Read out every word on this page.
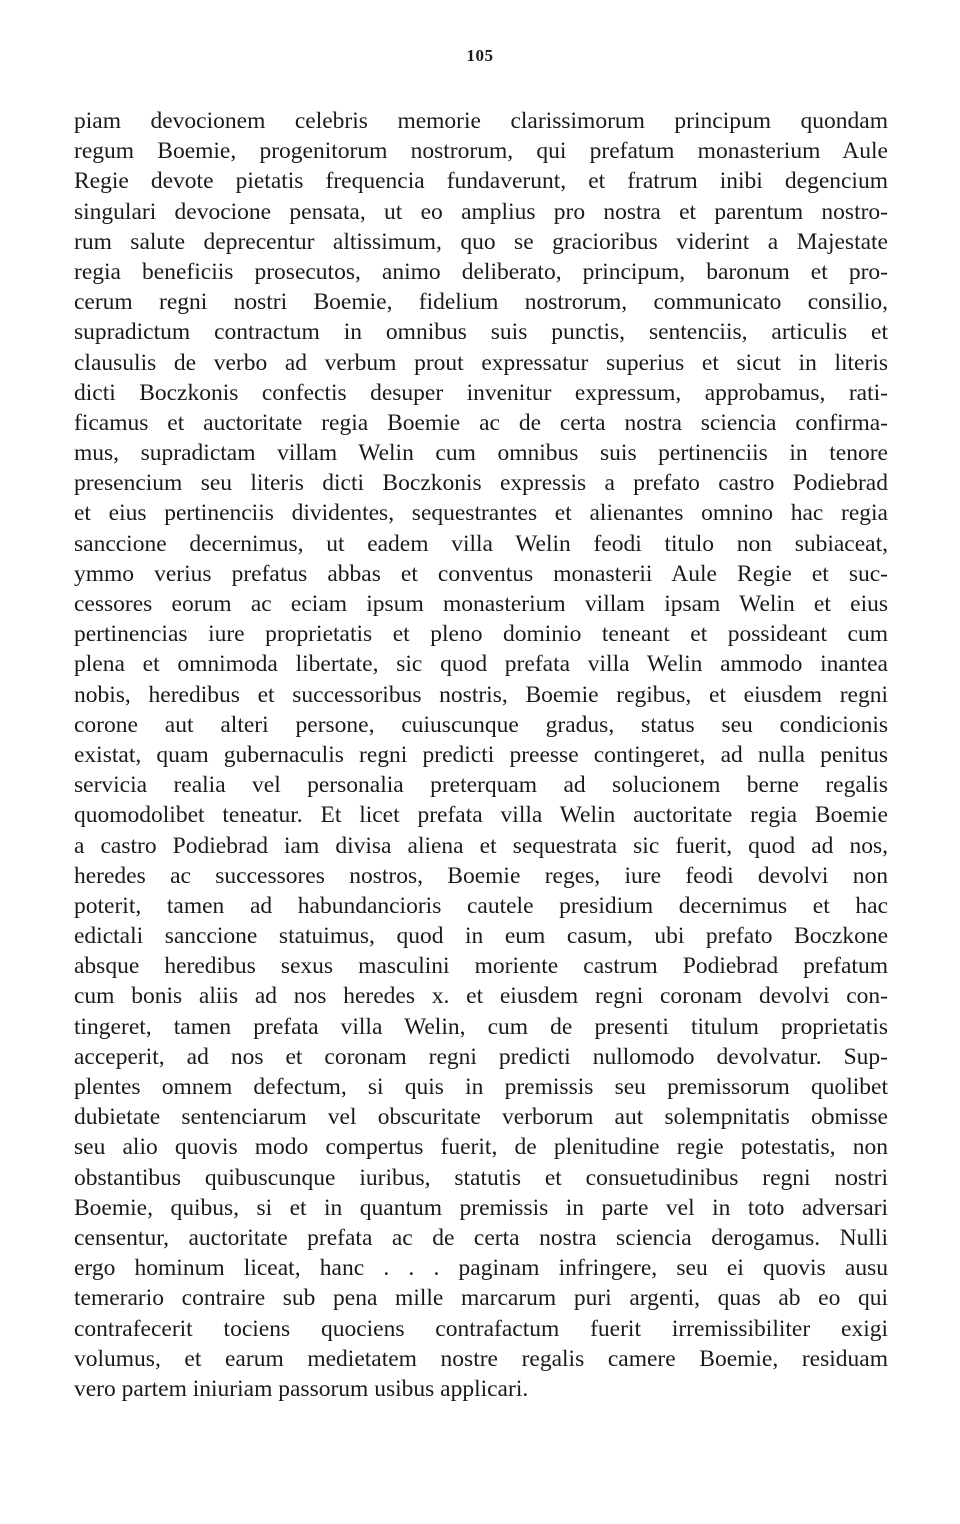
105
piam devocionem celebris memorie clarissimorum principum quondam
regum Boemie, progenitorum nostrorum, qui prefatum monasterium Aule
Regie devote pietatis frequencia fundaverunt, et fratrum inibi degencium
singulari devocione pensata, ut eo amplius pro nostra et parentum nostro-
rum salute deprecentur altissimum, quo se gracioribus viderint a Majestate
regia beneficiis prosecutos, animo deliberato, principum, baronum et pro-
cerum regni nostri Boemie, fidelium nostrorum, communicato consilio,
supradictum contractum in omnibus suis punctis, sentenciis, articulis et
clausulis de verbo ad verbum prout expressatur superius et sicut in literis
dicti Boczkonis confectis desuper invenitur expressum, approbamus, rati-
ficamus et auctoritate regia Boemie ac de certa nostra sciencia confirma-
mus, supradictam villam Welin cum omnibus suis pertinenciis in tenore
presencium seu literis dicti Boczkonis expressis a prefato castro Podiebrad
et eius pertinenciis dividentes, sequestrantes et alienantes omnino hac regia
sanccione decernimus, ut eadem villa Welin feodi titulo non subiaceat,
ymmo verius prefatus abbas et conventus monasterii Aule Regie et suc-
cessores eorum ac eciam ipsum monasterium villam ipsam Welin et eius
pertinencias iure proprietatis et pleno dominio teneant et possideant cum
plena et omnimoda libertate, sic quod prefata villa Welin ammodo inantea
nobis, heredibus et successoribus nostris, Boemie regibus, et eiusdem regni
corone aut alteri persone, cuiuscunque gradus, status seu condicionis
existat, quam gubernaculis regni predicti preesse contingeret, ad nulla penitus
servicia realia vel personalia preterquam ad solucionem berne regalis
quomodolibet teneatur. Et licet prefata villa Welin auctoritate regia Boemie
a castro Podiebrad iam divisa aliena et sequestrata sic fuerit, quod ad nos,
heredes ac successores nostros, Boemie reges, iure feodi devolvi non
poterit, tamen ad habundancioris cautele presidium decernimus et hac
edictali sanccione statuimus, quod in eum casum, ubi prefato Boczkone
absque heredibus sexus masculini moriente castrum Podiebrad prefatum
cum bonis aliis ad nos heredes x. et eiusdem regni coronam devolvi con-
tingeret, tamen prefata villa Welin, cum de presenti titulum proprietatis
acceperit, ad nos et coronam regni predicti nullomodo devolvatur. Sup-
plentes omnem defectum, si quis in premissis seu premissorum quolibet
dubietate sentenciarum vel obscuritate verborum aut solempnitatis obmisse
seu alio quovis modo compertus fuerit, de plenitudine regie potestatis, non
obstantibus quibuscunque iuribus, statutis et consuetudinibus regni nostri
Boemie, quibus, si et in quantum premissis in parte vel in toto adversari
censentur, auctoritate prefata ac de certa nostra sciencia derogamus. Nulli
ergo hominum liceat, hanc . . . paginam infringere, seu ei quovis ausu
temerario contraire sub pena mille marcarum puri argenti, quas ab eo qui
contrafecerit tociens quociens contrafactum fuerit irremissibiliter exigi
volumus, et earum medietatem nostre regalis camere Boemie, residuam
vero partem iniuriam passorum usibus applicari.
